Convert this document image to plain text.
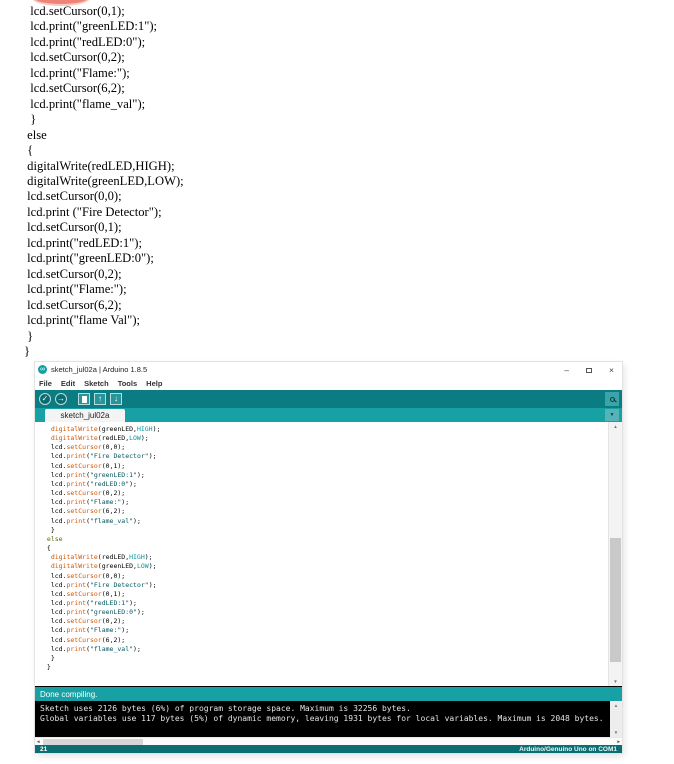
lcd.setCursor(0,1);
lcd.print("greenLED:1");
lcd.print("redLED:0");
lcd.setCursor(0,2);
lcd.print("Flame:");
lcd.setCursor(6,2);
lcd.print("flame_val");
}
else
{
digitalWrite(redLED,HIGH);
digitalWrite(greenLED,LOW);
lcd.setCursor(0,0);
lcd.print ("Fire Detector");
lcd.setCursor(0,1);
lcd.print("redLED:1");
lcd.print("greenLED:0");
lcd.setCursor(0,2);
lcd.print("Flame:");
lcd.setCursor(6,2);
lcd.print("flame Val");
}
}
∞ sketch_jul02a | Arduino 1.8.5	–	×
File Edit Sketch Tools Help
✓	→	↑	↓
sketch_jul02a	▼
digitalWrite(greenLED,HIGH);
digitalWrite(redLED,LOW);
lcd.setCursor(0,0);
lcd.print("Fire Detector");
lcd.setCursor(0,1);
lcd.print("greenLED:1");
lcd.print("redLED:0");
lcd.setCursor(0,2);
lcd.print("Flame:");
lcd.setCursor(6,2);
lcd.print("flame_val");
}
else
{
digitalWrite(redLED,HIGH);
digitalWrite(greenLED,LOW);
lcd.setCursor(0,0);
lcd.print("Fire Detector");
lcd.setCursor(0,1);
lcd.print("redLED:1");
lcd.print("greenLED:0");
lcd.setCursor(0,2);
lcd.print("Flame:");
lcd.setCursor(6,2);
lcd.print("flame_val");
}
}
▲
▼
Done compiling.
Sketch uses 2126 bytes (6%) of program storage space. Maximum is 32256 bytes.
Global variables use 117 bytes (5%) of dynamic memory, leaving 1931 bytes for local variables. Maximum is 2048 bytes.
▲
▼
◄	►
21	Arduino/Genuino Uno on COM1
